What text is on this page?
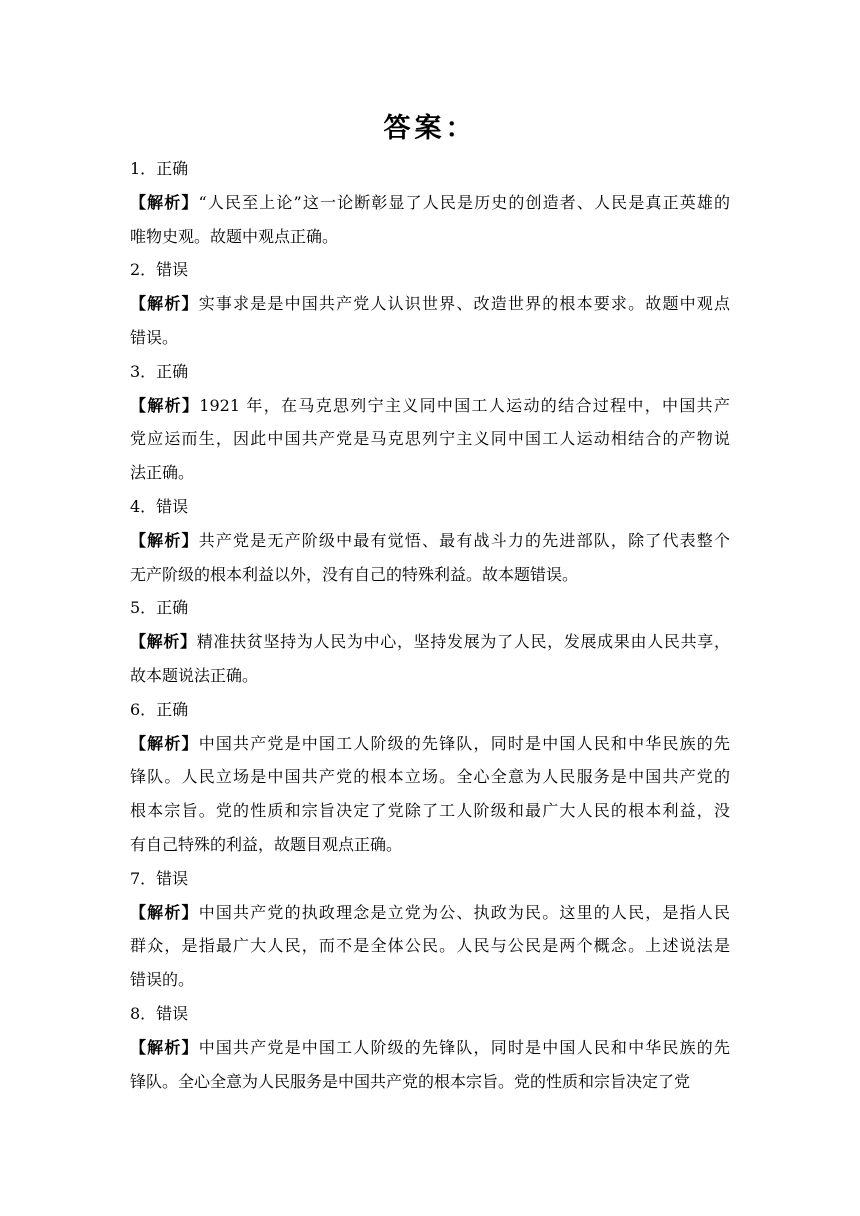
答案：
1．正确
【解析】“人民至上论”这一论断彰显了人民是历史的创造者、人民是真正英雄的
唯物史观。故题中观点正确。
2．错误
【解析】实事求是是中国共产党人认识世界、改造世界的根本要求。故题中观点
错误。
3．正确
【解析】1921 年，在马克思列宁主义同中国工人运动的结合过程中，中国共产
党应运而生，因此中国共产党是马克思列宁主义同中国工人运动相结合的产物说
法正确。
4．错误
【解析】共产党是无产阶级中最有觉悟、最有战斗力的先进部队，除了代表整个
无产阶级的根本利益以外，没有自己的特殊利益。故本题错误。
5．正确
【解析】精准扶贫坚持为人民为中心，坚持发展为了人民，发展成果由人民共享，
故本题说法正确。
6．正确
【解析】中国共产党是中国工人阶级的先锋队，同时是中国人民和中华民族的先
锋队。人民立场是中国共产党的根本立场。全心全意为人民服务是中国共产党的
根本宗旨。党的性质和宗旨决定了党除了工人阶级和最广大人民的根本利益，没
有自己特殊的利益，故题目观点正确。
7．错误
【解析】中国共产党的执政理念是立党为公、执政为民。这里的人民，是指人民
群众，是指最广大人民，而不是全体公民。人民与公民是两个概念。上述说法是
错误的。
8．错误
【解析】中国共产党是中国工人阶级的先锋队，同时是中国人民和中华民族的先
锋队。全心全意为人民服务是中国共产党的根本宗旨。党的性质和宗旨决定了党
